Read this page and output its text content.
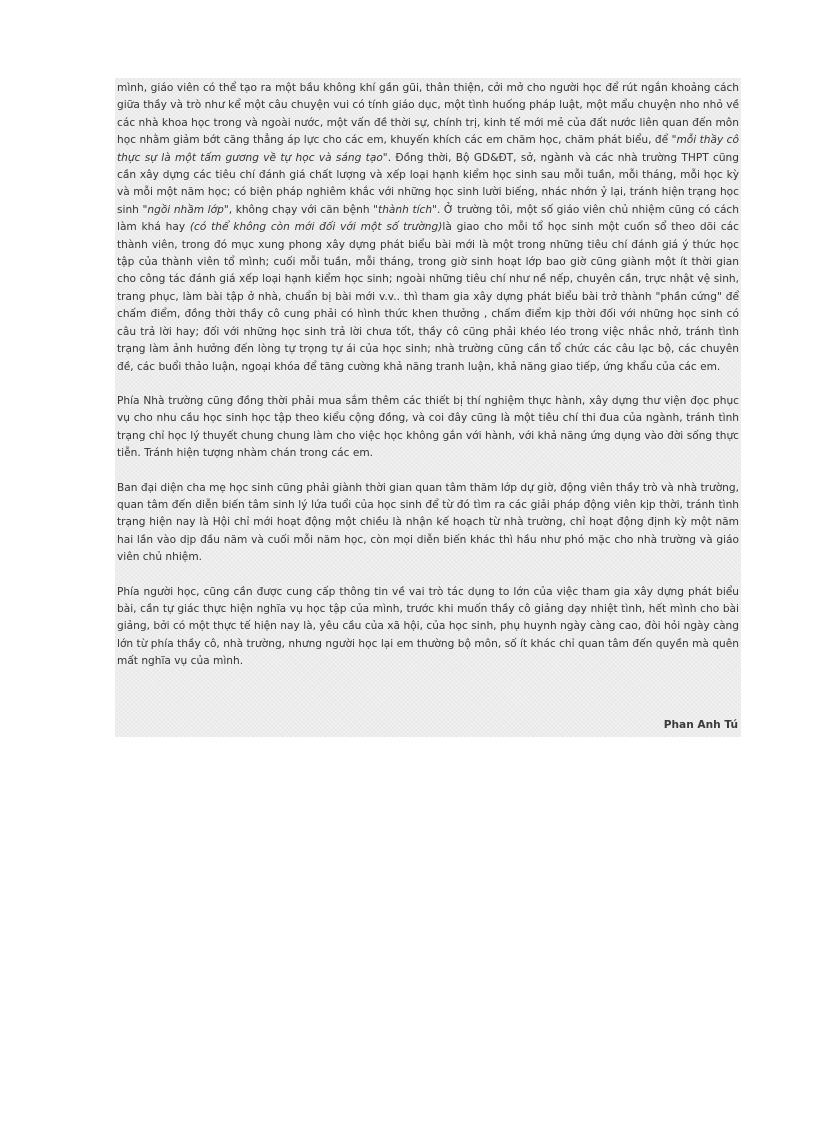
mình, giáo viên có thể tạo ra một bầu không khí gần gũi, thân thiện, cởi mở cho người học để rút ngắn khoảng cách giữa thầy và trò như kể một câu chuyện vui có tính giáo dục, một tình huống pháp luật, một mẩu chuyện nho nhỏ về các nhà khoa học trong và ngoài nước, một vấn đề thời sự, chính trị, kinh tế mới mẻ của đất nước liên quan đến môn học nhằm giảm bớt căng thẳng áp lực cho các em, khuyến khích các em chăm học, chăm phát biểu, để "mỗi thầy cô thực sự là một tấm gương về tự học và sáng tạo". Đồng thời, Bộ GD&ĐT, sở, ngành và các nhà trường THPT cũng cần xây dựng các tiêu chí đánh giá chất lượng và xếp loại hạnh kiểm học sinh sau mỗi tuần, mỗi tháng, mỗi học kỳ và mỗi một năm học; có biện pháp nghiêm khắc với những học sinh lười biếng, nhác nhớn ỷ lại, tránh hiện trạng học sinh "ngồi nhầm lớp", không chạy với căn bệnh "thành tích". Ở trường tôi, một số giáo viên chủ nhiệm cũng có cách làm khá hay (có thể không còn mới đối với một số trường)là giao cho mỗi tổ học sinh một cuốn sổ theo dõi các thành viên, trong đó mục xung phong xây dựng phát biểu bài mới là một trong những tiêu chí đánh giá ý thức học tập của thành viên tổ mình; cuối mỗi tuần, mỗi tháng, trong giờ sinh hoạt lớp bao giờ cũng giành một ít thời gian cho công tác đánh giá xếp loại hạnh kiểm học sinh; ngoài những tiêu chí như nề nếp, chuyên cần, trực nhật vệ sinh, trang phục, làm bài tập ở nhà, chuẩn bị bài mới v.v.. thì tham gia xây dựng phát biểu bài trở thành "phần cứng" để chấm điểm, đồng thời thầy cô cung phải có hình thức khen thưởng , chấm điểm kịp thời đối với những học sinh có câu trả lời hay; đối với những học sinh trả lời chưa tốt, thầy cô cũng phải khéo léo trong việc nhắc nhở, tránh tình trạng làm ảnh hưởng đến lòng tự trọng tự ái của học sinh; nhà trường cũng cần tổ chức các câu lạc bộ, các chuyên đề, các buổi thảo luận, ngoại khóa để tăng cường khả năng tranh luận, khả năng giao tiếp, ứng khẩu của các em.

Phía Nhà trường cũng đồng thời phải mua sắm thêm các thiết bị thí nghiệm thực hành, xây dựng thư viện đọc phục vụ cho nhu cầu học sinh học tập theo kiểu cộng đồng, và coi đây cũng là một tiêu chí thi đua của ngành, tránh tình trạng chỉ học lý thuyết chung chung làm cho việc học không gắn với hành, với khả năng ứng dụng vào đời sống thực tiễn. Tránh hiện tượng nhàm chán trong các em.

Ban đại diện cha mẹ học sinh cũng phải giành thời gian quan tâm thăm lớp dự giờ, động viên thầy trò và nhà trường, quan tâm đến diễn biến tâm sinh lý lứa tuổi của học sinh để từ đó tìm ra các giải pháp động viên kịp thời, tránh tình trạng hiện nay là Hội chỉ mới hoạt động một chiều là nhận kế hoạch từ nhà trường, chỉ hoạt động định kỳ một năm hai lần vào dịp đầu năm và cuối mỗi năm học, còn mọi diễn biến khác thì hầu như phó mặc cho nhà trường và giáo viên chủ nhiệm.

Phía người học, cũng cần được cung cấp thông tin về vai trò tác dụng to lớn của việc tham gia xây dựng phát biểu bài, cần tự giác thực hiện nghĩa vụ học tập của mình, trước khi muốn thầy cô giảng dạy nhiệt tình, hết mình cho bài giảng, bởi có một thực tế hiện nay là, yêu cầu của xã hội, của học sinh, phụ huynh ngày càng cao, đòi hỏi ngày càng lớn từ phía thầy cô, nhà trường, nhưng người học lại em thường bộ môn, số ít khác chỉ quan tâm đến quyền mà quên mất nghĩa vụ của mình.

Phan Anh Tú
